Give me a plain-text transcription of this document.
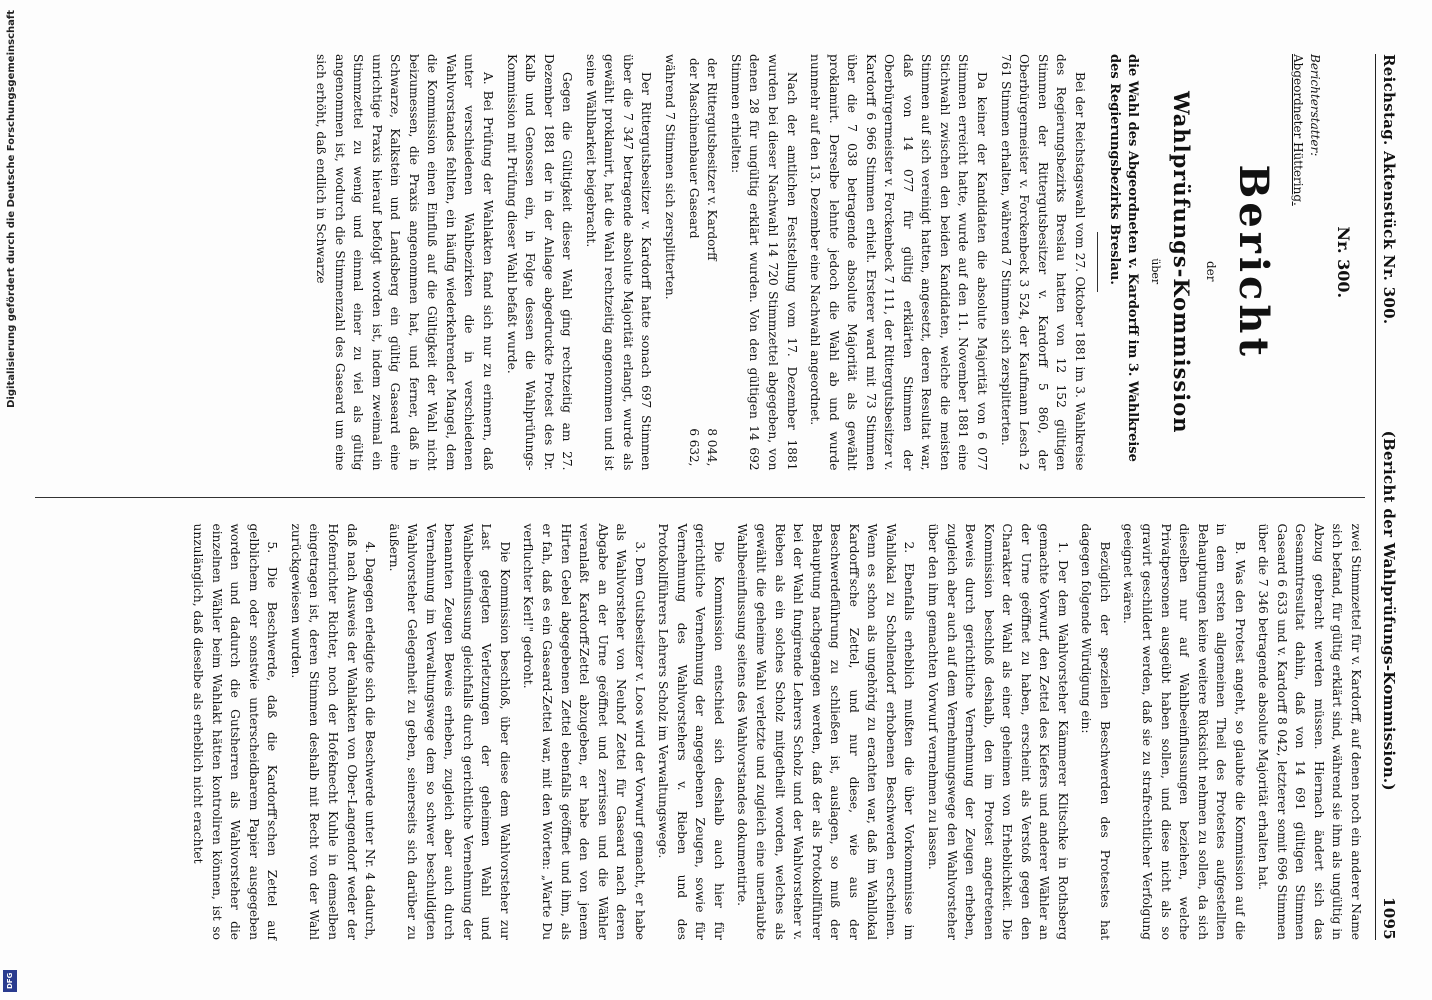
Reichstag. Aktenstück Nr. 300.
(Bericht der Wahlprüfungs-Kommission.)
1095
Nr. 300.
Berichterstatter:
Abgeordneter Hüttering.
Bericht

der

Wahlprüfungs-Kommission

über

die Wahl des Abgeordneten v. Kardorff im 3. Wahlkreise des Regierungsbezirks Breslau.

Bei der Reichstagswahl vom 27. Oktober 1881 im 3. Wahlkreise des Regierungsbezirks Breslau hatten von 12 152 gültigen Stimmen der Rittergutsbesitzer v. Kardorff 5 860, der Oberbürgermeister v. Forckenbeck 3 524, der Kaufmann Lesch 2 761 Stimmen erhalten, während 7 Stimmen sich zersplitterten.

Da keiner der Kandidaten die absolute Majorität von 6 077 Stimmen erreicht hatte, wurde auf den 11. November 1881 eine Stichwahl zwischen den beiden Kandidaten, welche die meisten Stimmen auf sich vereinigt hatten, angesetzt, deren Resultat war, daß von 14 077 für gültig erklärten Stimmen der Oberbürgermeister v. Forckenbeck 7 111, der Rittergutsbesitzer v. Kardorff 6 966 Stimmen erhielt. Ersterer ward mit 73 Stimmen über die 7 038 betragende absolute Majorität als gewählt proklamirt. Derselbe lehnte jedoch die Wahl ab und wurde nunmehr auf den 13. Dezember eine Nachwahl angeordnet.

Nach der amtlichen Feststellung vom 17. Dezember 1881 wurden bei dieser Nachwahl 14 720 Stimmzettel abgegeben, von denen 28 für ungültig erklärt wurden. Von den gültigen 14 692 Stimmen erhielten:

der Rittergutsbesitzer v. Kardorff	8 044,
der Maschinenbauer Gaseard	6 632,

während 7 Stimmen sich zersplitterten.

Der Rittergutsbesitzer v. Kardorff hatte sonach 697 Stimmen über die 7 347 betragende absolute Majorität erlangt, wurde als gewählt proklamirt, hat die Wahl rechtzeitig angenommen und ist seine Wählbarkeit beigebracht.

Gegen die Gültigkeit dieser Wahl ging rechtzeitig am 27. Dezember 1881 der in der Anlage abgedruckte Protest des Dr. Kalb und Genossen ein, in Folge dessen die Wahlprüfungs-Kommission mit Prüfung dieser Wahl befaßt wurde.

A. Bei Prüfung der Wahlakten fand sich nur zu erinnern, daß unter verschiedenen Wahlbezirken die in verschiedenen Wahlvorstandes fehlten, ein häufig wiederkehrender Mangel, dem die Kommission einen Einfluß auf die Gültigkeit der Wahl nicht beizumessen, die Praxis angenommen hat, und ferner, daß in Schwarze, Kalkstein und Landsberg ein gültig Gaseard eine unrichtige Praxis hierauf befolgt worden ist, indem zweimal ein Stimmzettel zu wenig und einmal einer zu viel als gültig angenommen ist, wodurch die Stimmenzahl des Gaseard um eine sich erhöht, daß endlich in Schwarze

zwei Stimmzettel für v. Kardorff, auf denen noch ein anderer Name sich befand, für gültig erklärt sind, während sie ihm als ungültig in Abzug gebracht werden müssen. Hiernach ändert sich das Gesammtresultat dahin, daß von 14 691 gültigen Stimmen Gaseard 6 633 und v. Kardorff 8 042, letzterer somit 696 Stimmen über die 7 346 betragende absolute Majorität erhalten hat.

B. Was den Protest angeht, so glaubte die Kommission auf die in dem ersten allgemeinen Theil des Protestes aufgestellten Behauptungen keine weitere Rücksicht nehmen zu sollen, da sich dieselben nur auf Wahlbeeinflussungen beziehen, welche Privatpersonen ausgeübt haben sollen, und diese nicht als so gravirt geschildert werden, daß sie zu strafrechtlicher Verfolgung geeignet wären.

Bezüglich der speziellen Beschwerden des Protestes hat dagegen folgende Würdigung ein:

1. Der dem Wahlvorsteher Kämmerer Klitschke in Rothsberg gemachte Vorwurf, den Zettel des Kiefers und anderer Wähler an der Urne geöffnet zu haben, erscheint als Verstoß gegen den Charakter der Wahl als einer geheimen von Erheblichkeit. Die Kommission beschloß deshalb, den im Protest angetretenen Beweis durch gerichtliche Vernehmung der Zeugen erheben, zugleich aber auch auf dem Vernehmungswege den Wahlvorsteher über den ihm gemachten Vorwurf vernehmen zu lassen.

2. Ebenfalls erheblich mußten die über Vorkommnisse im Wahllokal zu Schollendorf erhobenen Beschwerden erscheinen. Wenn es schon als ungehörig zu erachten war, daß im Wahllokal Kardorff'sche Zettel, und nur diese, wie aus der Beschwerdeführung zu schließen ist, auslagen, so muß der Behauptung nachgegangen werden, daß der als Protokollführer bei der Wahl fungirende Lehrers Scholz und der Wahlvorsteher v. Rieben als ein solches Scholz mitgetheilt worden, welches als gewählt die geheime Wahl verletzte und zugleich eine unerlaubte Wahlbeeinflussung seitens des Wahlvorstandes dokumentirte.

Die Kommission entschied sich deshalb auch hier für gerichtliche Vernehmung der angegebenen Zeugen, sowie für Vernehmung des Wahlvorstehers v. Rieben und des Protokollführers Lehrers Scholz im Verwaltungswege.

3. Dem Gutsbesitzer v. Loos wird der Vorwurf gemacht, er habe als Wahlvorsteher von Neuhof Zettel für Gaseard nach deren Abgabe an der Urne geöffnet und zerrissen und die Wähler veranlaßt Kardorff-Zettel abzugeben, er habe den von jenem Hirten Gebel abgegebenen Zettel ebenfalls geöffnet und ihm, als er fah, daß es ein Gaseard-Zettel war, mit den Worten: „Warte Du verfluchter Kerl!" gedroht.

Die Kommission beschloß, über diese dem Wahlvorsteher zur Last gelegten Verletzungen der geheimen Wahl und Wahlbeeinflussung gleichfalls durch gerichtliche Vernehmung der benannten Zeugen Beweis erheben, zugleich aber auch durch Vernehmung im Verwaltungswege dem so schwer beschuldigten Wahlvorsteher Gelegenheit zu geben, seinerseits sich darüber zu äußern.

4. Dagegen erledigte sich die Beschwerde unter Nr. 4 dadurch, daß nach Ausweis der Wahlakten von Ober-Langendorf weder der Hofenrichter Richter, noch der Hofeknecht Kuhle in demselben eingetragen ist, deren Stimmen deshalb mit Recht von der Wahl zurückgewiesen wurden.

5. Die Beschwerde, daß die Kardorff'schen Zettel auf gelblichem oder sonstwie unterscheidbarem Papier ausgegeben worden und dadurch die Gutsherren als Wahlvorsteher die einzelnen Wähler beim Wahlakt hätten kontroliren können, ist so unzulänglich, daß dieselbe als erheblich nicht erachtet

Digitalisierung gefördert durch die Deutsche Forschungsgemeinschaft
DFG
